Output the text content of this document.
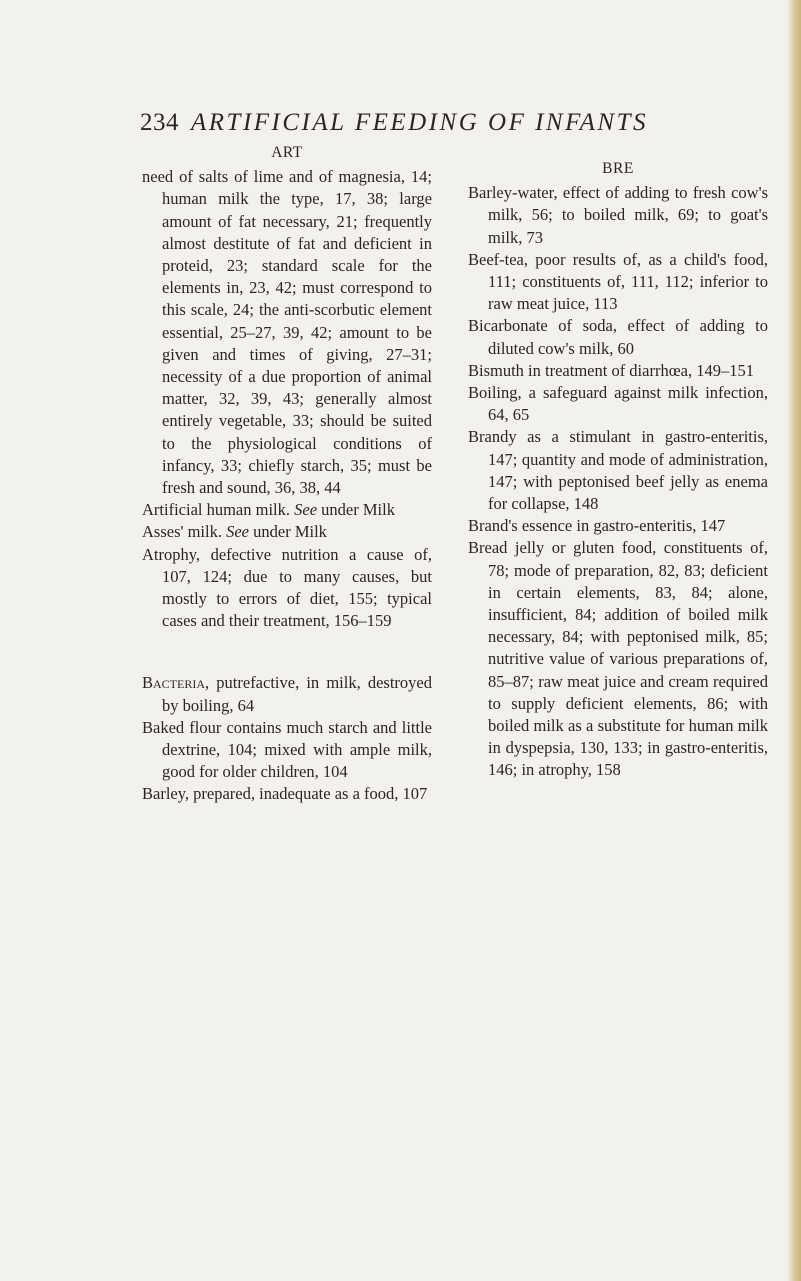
234 ARTIFICIAL FEEDING OF INFANTS
ART

need of salts of lime and of magnesia, 14; human milk the type, 17, 38; large amount of fat necessary, 21; frequently almost destitute of fat and deficient in proteid, 23; standard scale for the elements in, 23, 42; must correspond to this scale, 24; the anti-scorbutic element essential, 25–27, 39, 42; amount to be given and times of giving, 27–31; necessity of a due proportion of animal matter, 32, 39, 43; generally almost entirely vegetable, 33; should be suited to the physiological conditions of infancy, 33; chiefly starch, 35; must be fresh and sound, 36, 38, 44

Artificial human milk. See under Milk

Asses' milk. See under Milk

Atrophy, defective nutrition a cause of, 107, 124; due to many causes, but mostly to errors of diet, 155; typical cases and their treatment, 156–159

Bacteria, putrefactive, in milk, destroyed by boiling, 64

Baked flour contains much starch and little dextrine, 104; mixed with ample milk, good for older children, 104

Barley, prepared, inadequate as a food, 107

BRE

Barley-water, effect of adding to fresh cow's milk, 56; to boiled milk, 69; to goat's milk, 73

Beef-tea, poor results of, as a child's food, 111; constituents of, 111, 112; inferior to raw meat juice, 113

Bicarbonate of soda, effect of adding to diluted cow's milk, 60

Bismuth in treatment of diarrhœa, 149–151

Boiling, a safeguard against milk infection, 64, 65

Brandy as a stimulant in gastro-enteritis, 147; quantity and mode of administration, 147; with peptonised beef jelly as enema for collapse, 148

Brand's essence in gastro-enteritis, 147

Bread jelly or gluten food, constituents of, 78; mode of preparation, 82, 83; deficient in certain elements, 83, 84; alone, insufficient, 84; addition of boiled milk necessary, 84; with peptonised milk, 85; nutritive value of various preparations of, 85–87; raw meat juice and cream required to supply deficient elements, 86; with boiled milk as a substitute for human milk in dyspepsia, 130, 133; in gastro-enteritis, 146; in atrophy, 158
